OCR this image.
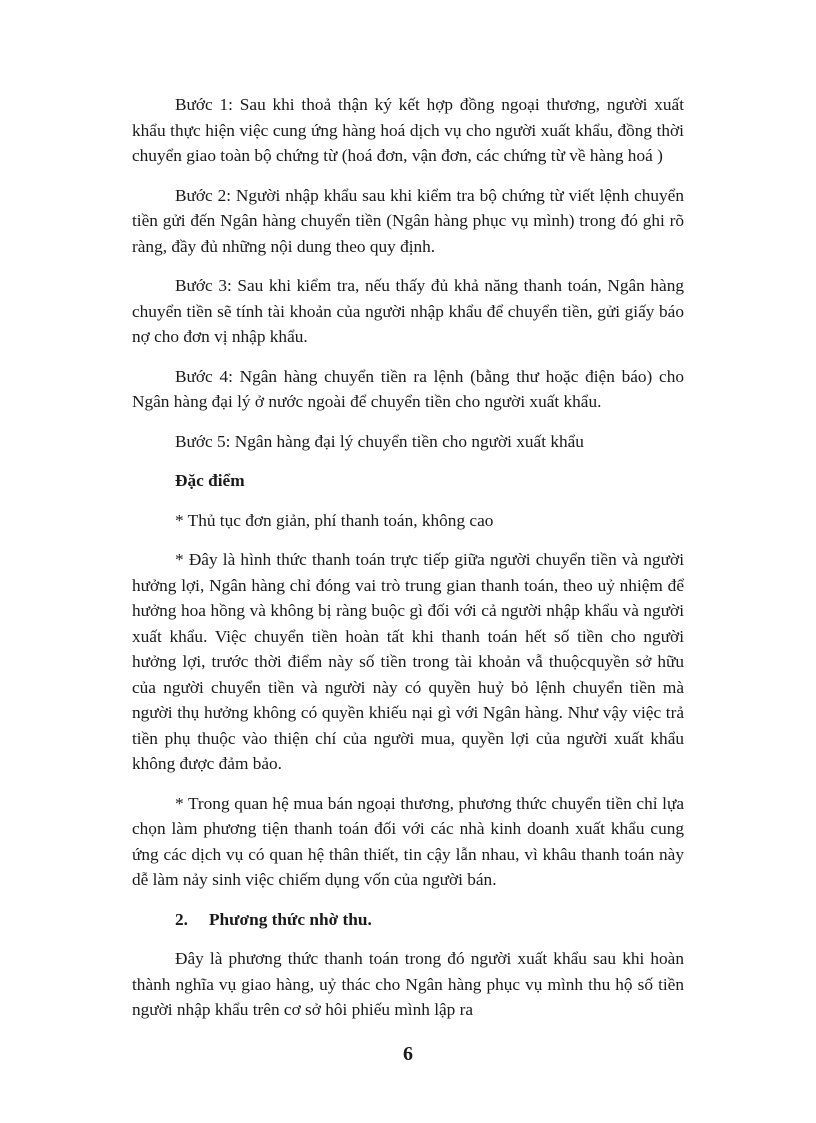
Bước 1: Sau khi thoả thận ký kết hợp đồng ngoại thương, người xuất khẩu thực hiện việc cung ứng hàng hoá dịch vụ cho người xuất khẩu, đồng thời chuyển giao toàn bộ chứng từ (hoá đơn, vận đơn, các chứng từ về hàng hoá )

Bước 2: Người nhập khẩu sau khi kiểm tra bộ chứng từ viết lệnh chuyển tiền gửi đến Ngân hàng chuyển tiền (Ngân hàng phục vụ mình) trong đó ghi rõ ràng, đầy đủ những nội dung theo quy định.

Bước 3: Sau khi kiểm tra, nếu thấy đủ khả năng thanh toán, Ngân hàng chuyển tiền sẽ tính tài khoản của người nhập khẩu để chuyển tiền, gửi giấy báo nợ cho đơn vị nhập khẩu.

Bước 4: Ngân hàng chuyển tiền ra lệnh (bằng thư hoặc điện báo) cho Ngân hàng đại lý ở nước ngoài để chuyển tiền cho người xuất khẩu.

Bước 5: Ngân hàng đại lý chuyển tiền cho người xuất khẩu

Đặc điểm

* Thủ tục đơn giản, phí thanh toán, không cao

* Đây là hình thức thanh toán trực tiếp giữa người chuyển tiền và người hưởng lợi, Ngân hàng chỉ đóng vai trò trung gian thanh toán, theo uỷ nhiệm để hưởng hoa hồng và không bị ràng buộc gì đối với cả người nhập khẩu và người xuất khẩu. Việc chuyển tiền hoàn tất khi thanh toán hết số tiền cho người hưởng lợi, trước thời điểm này số tiền trong tài khoản vẫ thuộcquyền sở hữu của người chuyển tiền và người này có quyền huỷ bỏ lệnh chuyển tiền mà người thụ hưởng không có quyền khiếu nại gì với Ngân hàng. Như vậy việc trả tiền phụ thuộc vào thiện chí của người mua, quyền lợi của người xuất khẩu không được đảm bảo.

* Trong quan hệ mua bán ngoại thương, phương thức chuyển tiền chỉ lựa chọn làm phương tiện thanh toán đối với các nhà kinh doanh xuất khẩu cung ứng các dịch vụ có quan hệ thân thiết, tin cậy lẫn nhau, vì khâu thanh toán này dễ làm nảy sinh việc chiếm dụng vốn của người bán.

2. Phương thức nhờ thu.

Đây là phương thức thanh toán trong đó người xuất khẩu sau khi hoàn thành nghĩa vụ giao hàng, uỷ thác cho Ngân hàng phục vụ mình thu hộ số tiền người nhập khẩu trên cơ sở hôi phiếu mình lập ra

6
